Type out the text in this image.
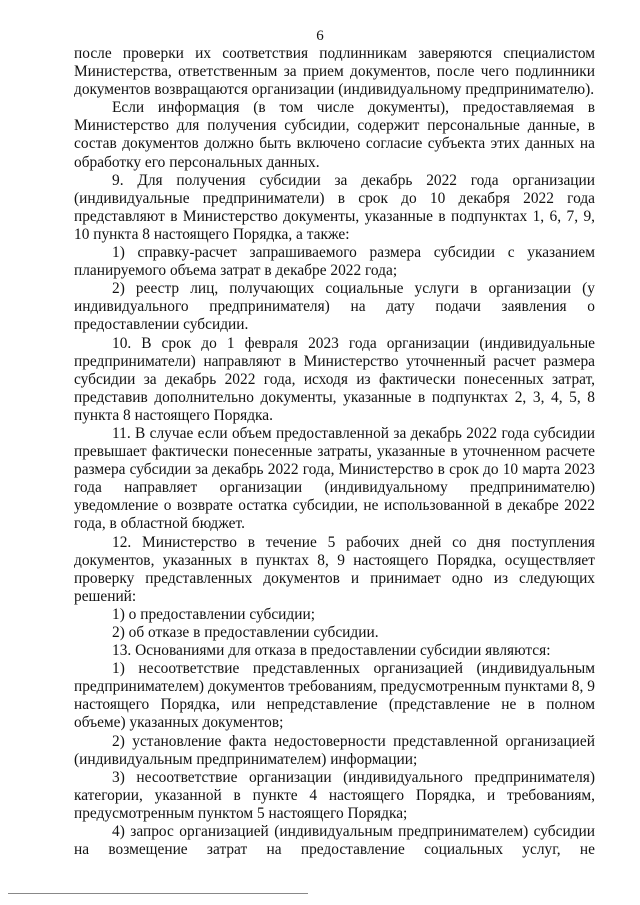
6

после проверки их соответствия подлинникам заверяются специалистом Министерства, ответственным за прием документов, после чего подлинники документов возвращаются организации (индивидуальному предпринимателю).

Если информация (в том числе документы), предоставляемая в Министерство для получения субсидии, содержит персональные данные, в состав документов должно быть включено согласие субъекта этих данных на обработку его персональных данных.

9. Для получения субсидии за декабрь 2022 года организации (индивидуальные предприниматели) в срок до 10 декабря 2022 года представляют в Министерство документы, указанные в подпунктах 1, 6, 7, 9, 10 пункта 8 настоящего Порядка, а также:

1) справку-расчет запрашиваемого размера субсидии с указанием планируемого объема затрат в декабре 2022 года;

2) реестр лиц, получающих социальные услуги в организации (у индивидуального предпринимателя) на дату подачи заявления о предоставлении субсидии.

10. В срок до 1 февраля 2023 года организации (индивидуальные предприниматели) направляют в Министерство уточненный расчет размера субсидии за декабрь 2022 года, исходя из фактически понесенных затрат, представив дополнительно документы, указанные в подпунктах 2, 3, 4, 5, 8 пункта 8 настоящего Порядка.

11. В случае если объем предоставленной за декабрь 2022 года субсидии превышает фактически понесенные затраты, указанные в уточненном расчете размера субсидии за декабрь 2022 года, Министерство в срок до 10 марта 2023 года направляет организации (индивидуальному предпринимателю) уведомление о возврате остатка субсидии, не использованной в декабре 2022 года, в областной бюджет.

12. Министерство в течение 5 рабочих дней со дня поступления документов, указанных в пунктах 8, 9 настоящего Порядка, осуществляет проверку представленных документов и принимает одно из следующих решений:

1) о предоставлении субсидии;

2) об отказе в предоставлении субсидии.

13. Основаниями для отказа в предоставлении субсидии являются:

1) несоответствие представленных организацией (индивидуальным предпринимателем) документов требованиям, предусмотренным пунктами 8, 9 настоящего Порядка, или непредставление (представление не в полном объеме) указанных документов;

2) установление факта недостоверности представленной организацией (индивидуальным предпринимателем) информации;

3) несоответствие организации (индивидуального предпринимателя) категории, указанной в пункте 4 настоящего Порядка, и требованиям, предусмотренным пунктом 5 настоящего Порядка;

4) запрос организацией (индивидуальным предпринимателем) субсидии на возмещение затрат на предоставление социальных услуг, не
